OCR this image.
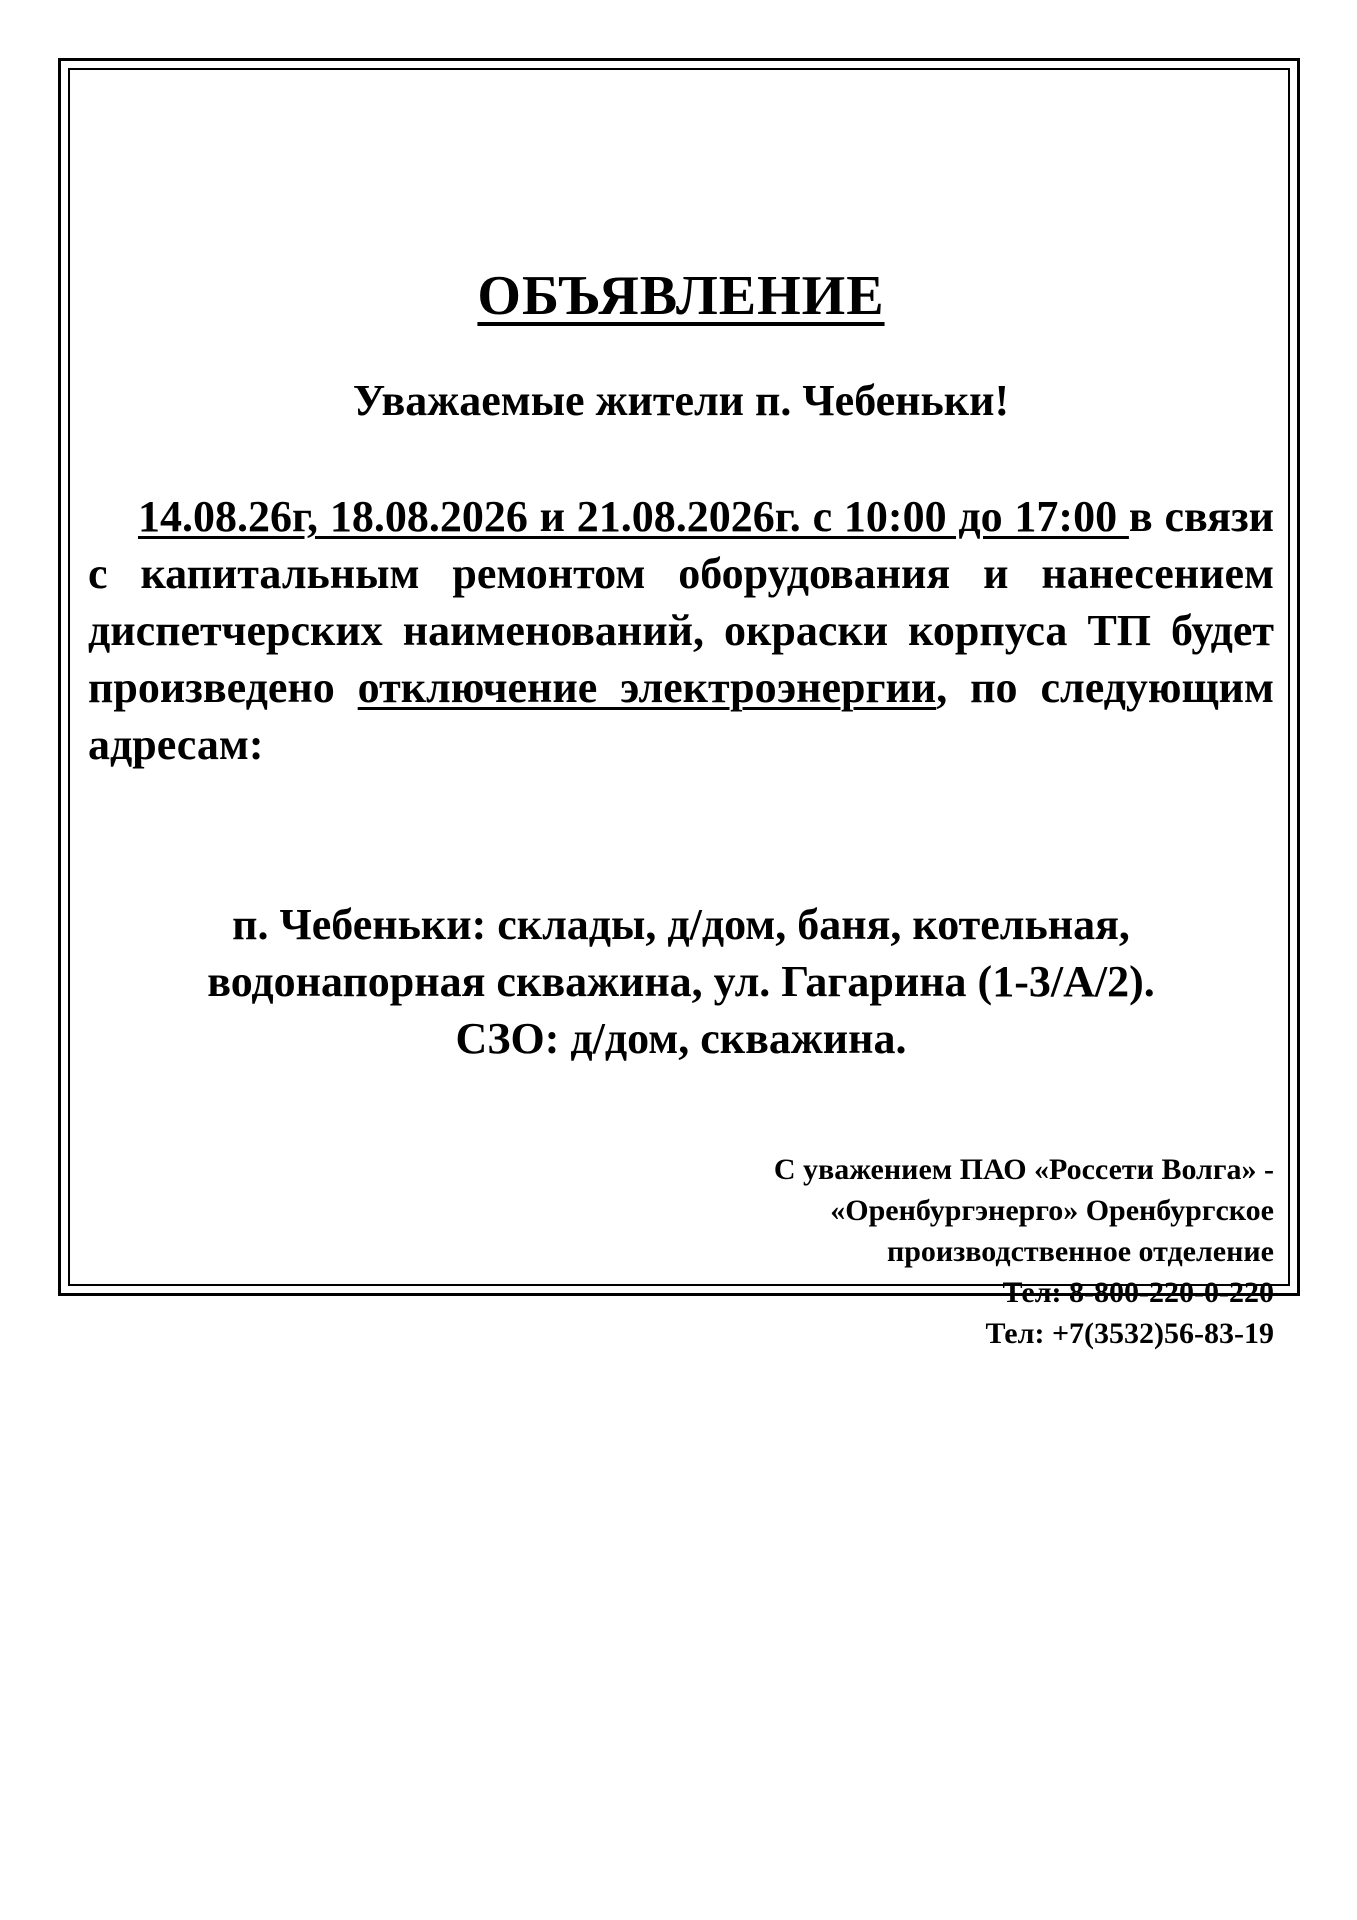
ОБЪЯВЛЕНИЕ
Уважаемые жители п. Чебеньки!
14.08.26г, 18.08.2026 и 21.08.2026г. с 10:00 до 17:00 в связи с капитальным ремонтом оборудования и нанесением диспетчерских наименований, окраски корпуса ТП будет произведено отключение электроэнергии, по следующим адресам:
п. Чебеньки: склады, д/дом, баня, котельная,
водонапорная скважина, ул. Гагарина (1-3/А/2).
СЗО: д/дом, скважина.
С уважением ПАО «Россети Волга» -
«Оренбургэнерго» Оренбургское
производственное отделение
Тел: 8-800-220-0-220
Тел: +7(3532)56-83-19
